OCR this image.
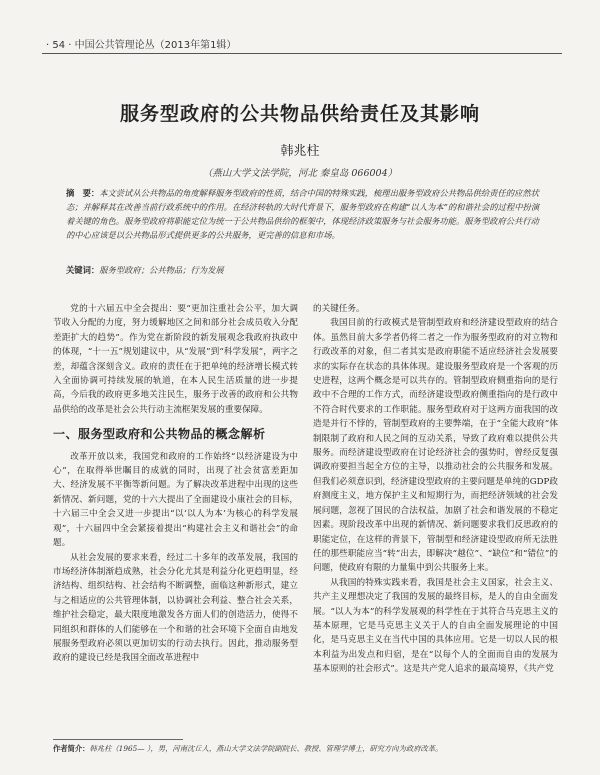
· 54 · 中国公共管理论丛（2013年第1辑）
服务型政府的公共物品供给责任及其影响
韩兆柱
（燕山大学文法学院，河北 秦皇岛 066004）
摘　要：本文尝试从公共物品的角度解释服务型政府的性质，结合中国的特殊实践，梳理出服务型政府公共物品供给责任的应然状态；并解释其在改善当前行政系统中的作用。在经济转轨的大时代背景下，服务型政府在构建“以人为本”的和谐社会的过程中扮演着关键的角色。服务型政府将职能定位为统一于公共物品供给的框架中，体现经济政策服务与社会服务功能。服务型政府公共行动的中心应该是以公共物品形式提供更多的公共服务，更完善的信息和市场。
关键词：服务型政府；公共物品；行为发展

党的十六届五中全会提出：要“更加注重社会公平，加大调节收入分配的力度，努力缓解地区之间和部分社会成员收入分配差距扩大的趋势”。作为党在新阶段的新发展观念我政府执政中的体现，“十一五”规划建议中，从“发展”到“科学发展”，两字之差，却蕴含深刻含义。政府的责任在于把单纯的经济增长模式转入全面协调可持续发展的轨道，在本人民生活质量的进一步提高，今后我的政府更多地关注民生，服务于改善的政府和公共物品供给的改革是社会公共行动主流框架发展的重要保障。

一、服务型政府和公共物品的概念解析

改革开放以来，我国党和政府的工作始终“以经济建设为中心”，在取得举世瞩目的成就的同时，出现了社会贫富差距加大、经济发展不平衡等新问题。为了解决改革进程中出现的这些新情况、新问题，党的十六大提出了全面建设小康社会的目标，十六届三中全会又进一步提出“以‘以人为本’为核心的科学发展观”，十六届四中全会紧接着提出“构建社会主义和谐社会”的命题。

从社会发展的要求来看，经过二十多年的改革发展，我国的市场经济体制渐趋成熟，社会分化尤其是利益分化更趋明显，经济结构、组织结构、社会结构不断调整，面临这种新形式，建立与之相适应的公共管理体制，以协调社会利益、整合社会关系，维护社会稳定，最大限度地激发各方面人们的创造活力，使得不同组织和群体的人们能够在一个和谐的社会环境下全面自由地发展服务型政府必须以更加切实的行动去执行。因此，推动服务型政府的建设已经是我国全面改革进程中

的关键任务。

我国目前的行政模式是管制型政府和经济建设型政府的结合体。虽然目前大多学者仍将二者之一作为服务型政府的对立物和行政改革的对象，但二者其实是政府职能不适应经济社会发展要求的实际存在状态的具体体现。建设服务型政府是一个客观的历史进程，这两个概念是可以共存的。管制型政府侧重指向的是行政中不合理的工作方式，而经济建设型政府侧重指向的是行政中不符合时代要求的工作职能。服务型政府对于这两方面我国的改造是并行不悖的，管制型政府的主要弊端，在于“全能大政府”体制限制了政府和人民之间的互动关系，导致了政府难以提供公共服务。而经济建设型政府在讨论经济社会的强势时，曾经反复强调政府要担当起全方位的主导，以推动社会的公共服务和发展。但我们必须意识到，经济建设型政府的主要问题是单纯的GDP政府测度主义，地方保护主义和短期行为，而把经济领域的社会发展问题，忽视了国民的合法权益，加剧了社会和谐发展的不稳定因素。现阶段改革中出现的新情况、新问题要求我们反思政府的职能定位，在这样的背景下，管制型和经济建设型政府所无法胜任的那些职能应当“转”出去，即解决“越位”、“缺位”和“错位”的问题，使政府有限的力量集中到公共服务上来。

从我国的特殊实践来看，我国是社会主义国家，社会主义、共产主义理想决定了我国的发展的最终目标，是人的自由全面发展。“以人为本”的科学发展观的科学性在于其符合马克思主义的基本原理，它是马克思主义关于人的自由全面发展理论的中国化，是马克思主义在当代中国的具体应用。它是一切以人民的根本利益为出发点和归宿，是在“以每个人的全面而自由的发展为基本原则的社会形式”。这是共产党人追求的最高境界，《共产党

作者简介：韩兆柱（1965— ），男，河南沈丘人，燕山大学文法学院副院长、教授、管理学博士，研究方向为政府改革。
